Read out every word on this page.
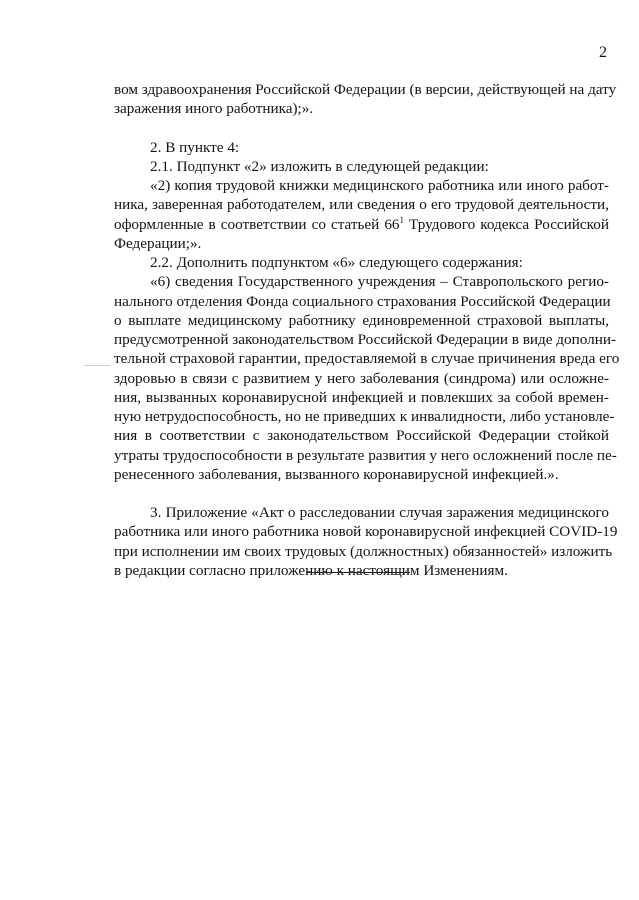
2
вом здравоохранения Российской Федерации (в версии, действующей на дату
заражения иного работника);».
2. В пункте 4:
2.1. Подпункт «2» изложить в следующей редакции:
«2) копия трудовой книжки медицинского работника или иного работ-
ника, заверенная работодателем, или сведения о его трудовой деятельности,
оформленные в соответствии со статьей $66^1$ Трудового кодекса Российской
Федерации;».
2.2. Дополнить подпунктом «6» следующего содержания:
«6) сведения Государственного учреждения – Ставропольского регио-
нального отделения Фонда социального страхования Российской Федерации
о выплате медицинскому работнику единовременной страховой выплаты,
предусмотренной законодательством Российской Федерации в виде дополни-
тельной страховой гарантии, предоставляемой в случае причинения вреда его
здоровью в связи с развитием у него заболевания (синдрома) или осложне-
ния, вызванных коронавирусной инфекцией и повлекших за собой времен-
ную нетрудоспособность, но не приведших к инвалидности, либо установле-
ния в соответствии с законодательством Российской Федерации стойкой
утраты трудоспособности в результате развития у него осложнений после пе-
ренесенного заболевания, вызванного коронавирусной инфекцией.».
3. Приложение «Акт о расследовании случая заражения медицинского
работника или иного работника новой коронавирусной инфекцией COVID-19
при исполнении им своих трудовых (должностных) обязанностей» изложить
в редакции согласно приложению к настоящим Изменениям.
